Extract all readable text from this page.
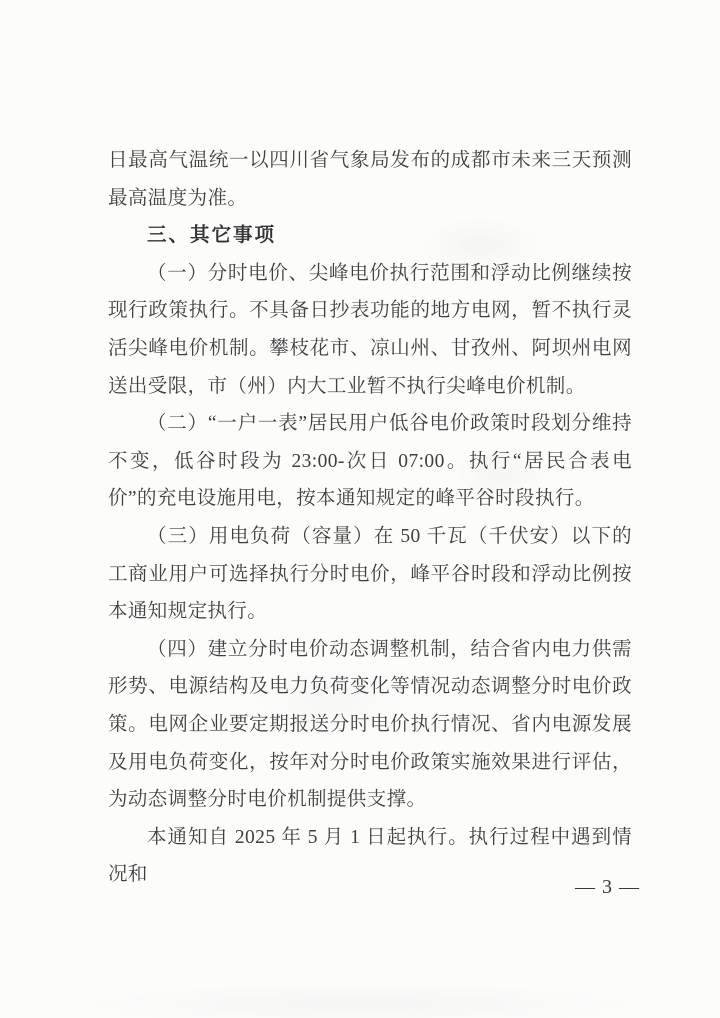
日最高气温统一以四川省气象局发布的成都市未来三天预测最高温度为准。

三、其它事项

（一）分时电价、尖峰电价执行范围和浮动比例继续按现行政策执行。不具备日抄表功能的地方电网，暂不执行灵活尖峰电价机制。攀枝花市、凉山州、甘孜州、阿坝州电网送出受限，市（州）内大工业暂不执行尖峰电价机制。

（二）“一户一表”居民用户低谷电价政策时段划分维持不变，低谷时段为 23:00-次日 07:00。执行“居民合表电价”的充电设施用电，按本通知规定的峰平谷时段执行。

（三）用电负荷（容量）在 50 千瓦（千伏安）以下的工商业用户可选择执行分时电价，峰平谷时段和浮动比例按本通知规定执行。

（四）建立分时电价动态调整机制，结合省内电力供需形势、电源结构及电力负荷变化等情况动态调整分时电价政策。电网企业要定期报送分时电价执行情况、省内电源发展及用电负荷变化，按年对分时电价政策实施效果进行评估，为动态调整分时电价机制提供支撑。

本通知自 2025 年 5 月 1 日起执行。执行过程中遇到情况和

— 3 —
